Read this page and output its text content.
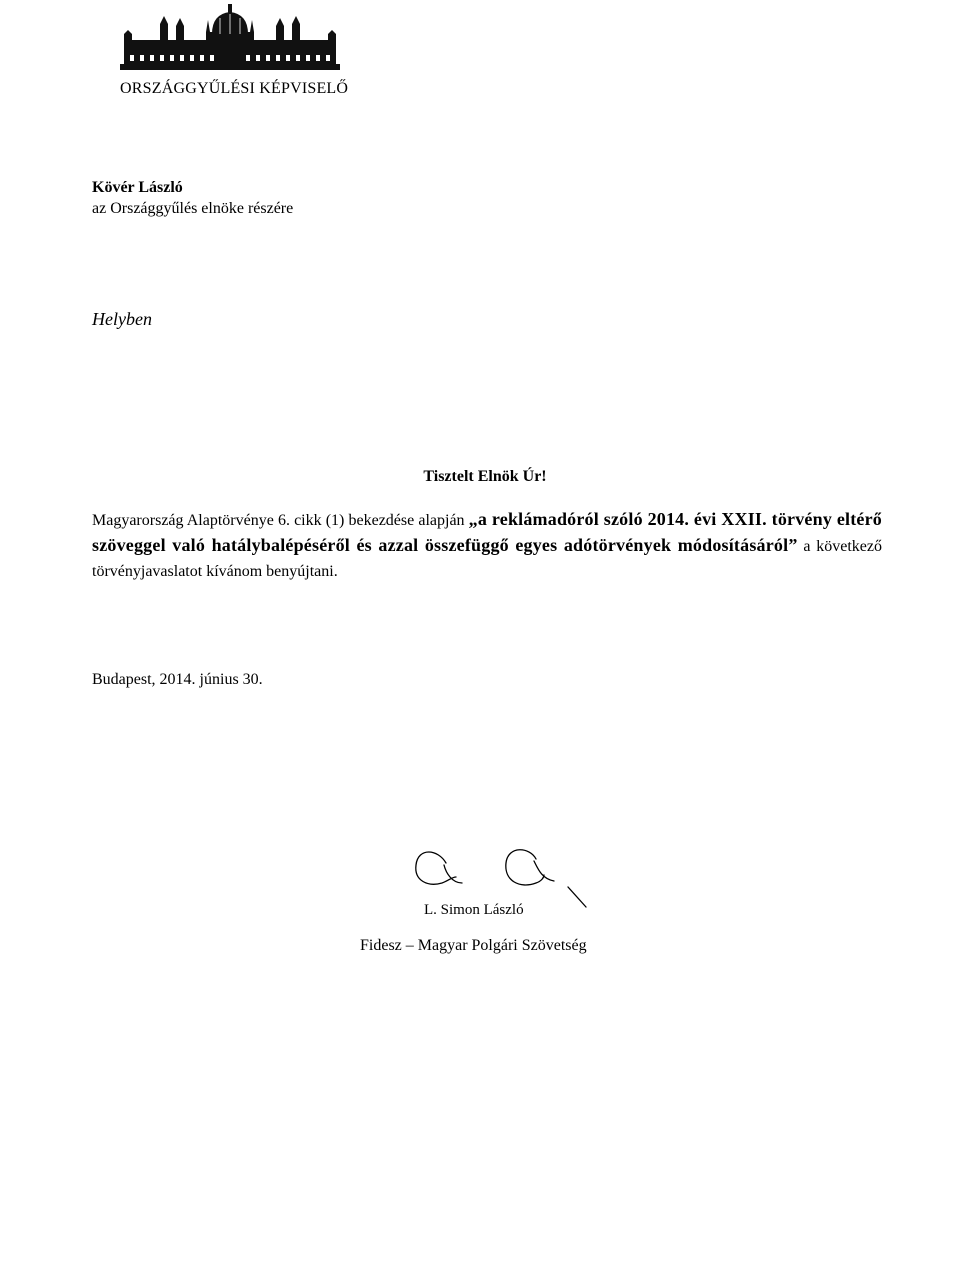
ORSZÁGGYŰLÉSI KÉPVISELŐ
Kövér László
az Országgyűlés elnöke részére
Helyben
Tisztelt Elnök Úr!
Magyarország Alaptörvénye 6. cikk (1) bekezdése alapján „a reklámadóról szóló 2014. évi XXII. törvény eltérő szöveggel való hatálybalépéséről és azzal összefüggő egyes adótörvények módosításáról” a következő törvényjavaslatot kívánom benyújtani.
Budapest, 2014. június 30.
L. Simon László
Fidesz – Magyar Polgári Szövetség
